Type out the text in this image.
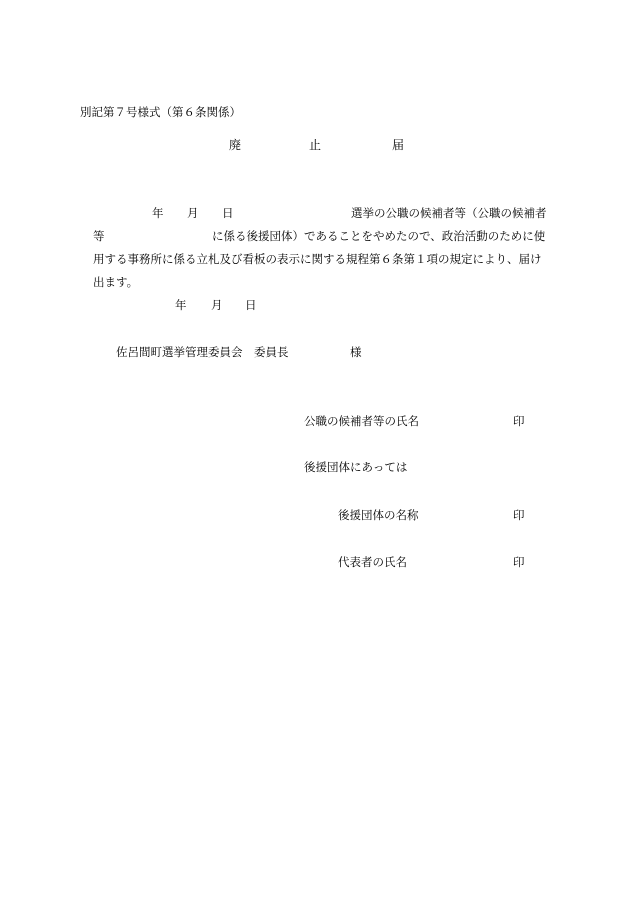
別記第７号様式（第６条関係）
廃	止	届
年 月 日	選挙の公職の候補者等（公職の候補者
等	に係る後援団体）であることをやめたので、政治活動のために使
用する事務所に係る立札及び看板の表示に関する規程第６条第１項の規定により、届け
出ます。
年 月 日
佐呂間町選挙管理委員会　委員長	様
公職の候補者等の氏名	印
後援団体にあっては
後援団体の名称	印
代表者の氏名	印
